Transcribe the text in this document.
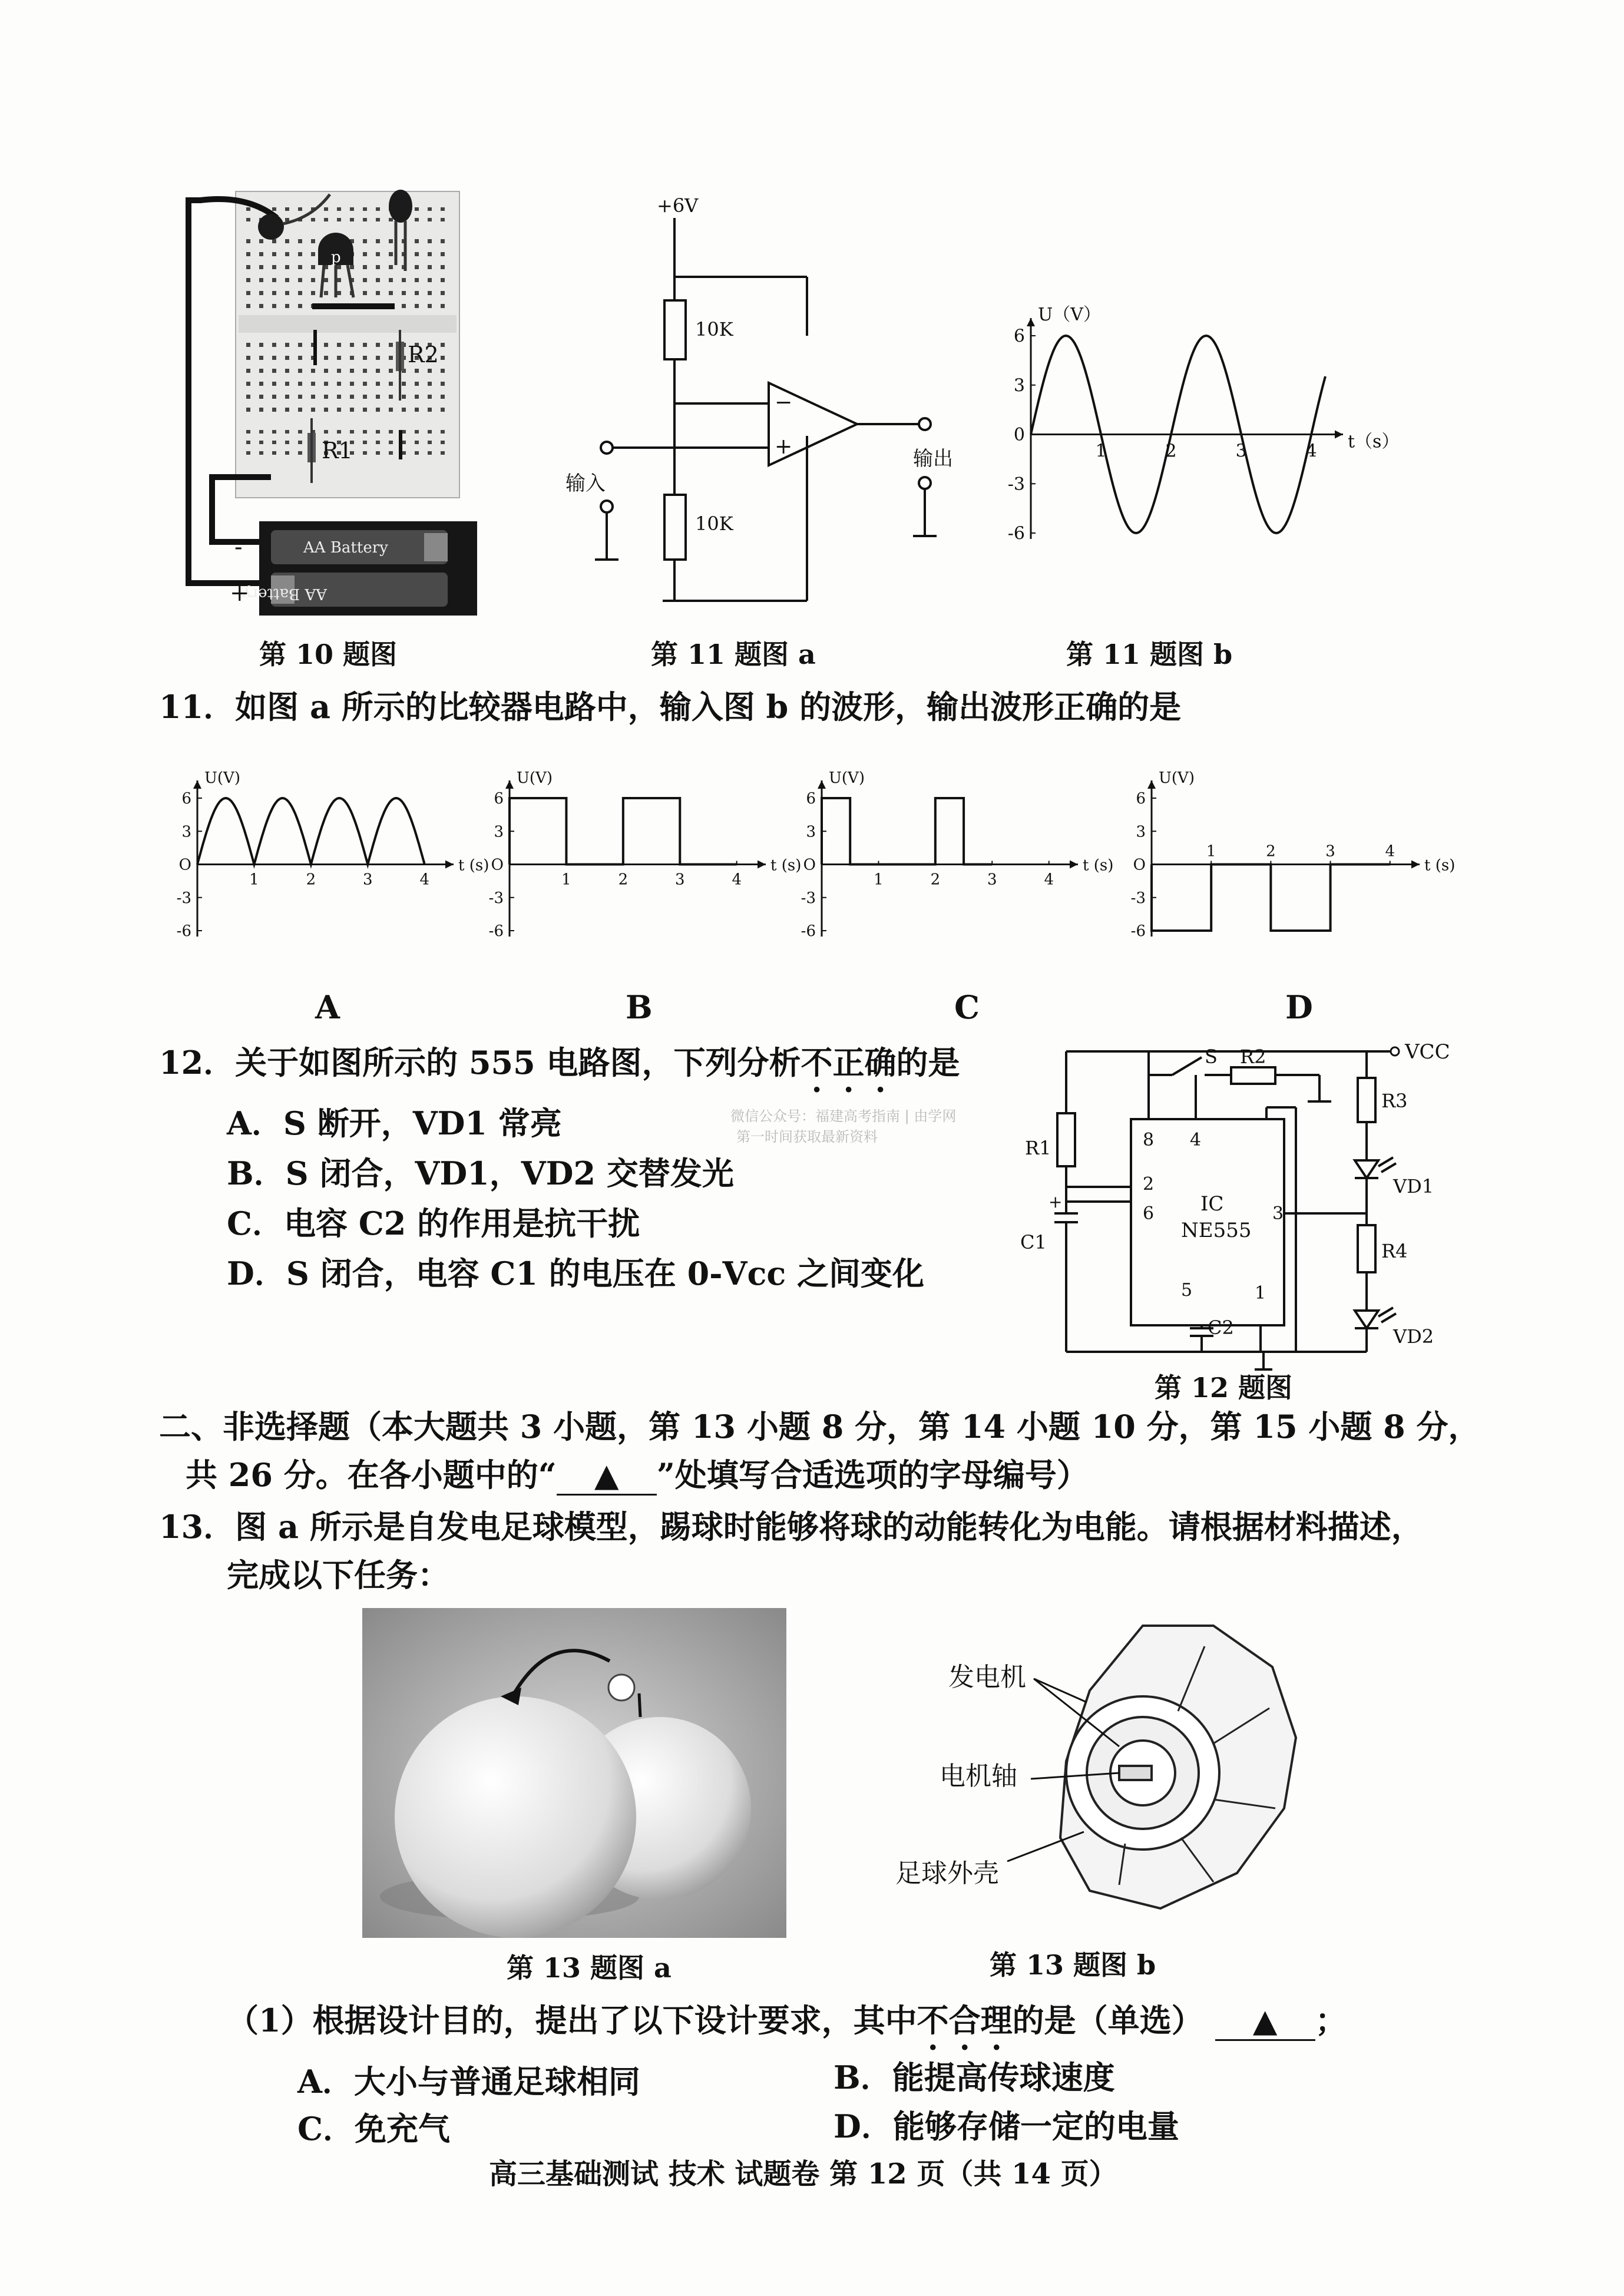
p
R2
R1
AA Battery
AA Battery
-
+
第 10 题图
+6V
10K
10K
−
+
输入
输出
第 11 题图 a
6
3
0
-3
-6
1	2	3	4
U（V）
t（s）
第 11 题图 b
11．如图 a 所示的比较器电路中，输入图 b 的波形，输出波形正确的是
6
3
O
-3
-6
1	2	3	4
U(V)
t (s)
6
3
O
-3
-6
1	2	3	4
U(V)
t (s)
6
3
O
-3
-6
1	2	3	4
U(V)
t (s)
6
3
O
-3
-6
1	2	3	4
U(V)
t (s)
A	B	C	D
12．关于如图所示的 555 电路图，下列分析不正确的是
A．S 断开，VD1 常亮
B．S 闭合，VD1，VD2 交替发光
C．电容 C2 的作用是抗干扰
D．S 闭合，电容 C1 的电压在 0-Vcc 之间变化
微信公众号：福建高考指南 | 由学网
第一时间获取最新资料
VCC
S R2
R3
R1
R4
VD1
VD2
C1
+
C2
IC
NE555
8 4
2
6	3
5	1
第 12 题图
二、非选择题（本大题共 3 小题，第 13 小题 8 分，第 14 小题 10 分，第 15 小题 8 分，
共 26 分。在各小题中的“ ▲ ”处填写合适选项的字母编号）
13．图 a 所示是自发电足球模型，踢球时能够将球的动能转化为电能。请根据材料描述，
完成以下任务：
第 13 题图 a
发电机
电机轴
足球外壳
第 13 题图 b
（1）根据设计目的，提出了以下设计要求，其中不合理的是（单选） ▲ ；
A．大小与普通足球相同	B．能提高传球速度
C．免充气	D．能够存储一定的电量
高三基础测试 技术 试题卷 第 12 页（共 14 页）
